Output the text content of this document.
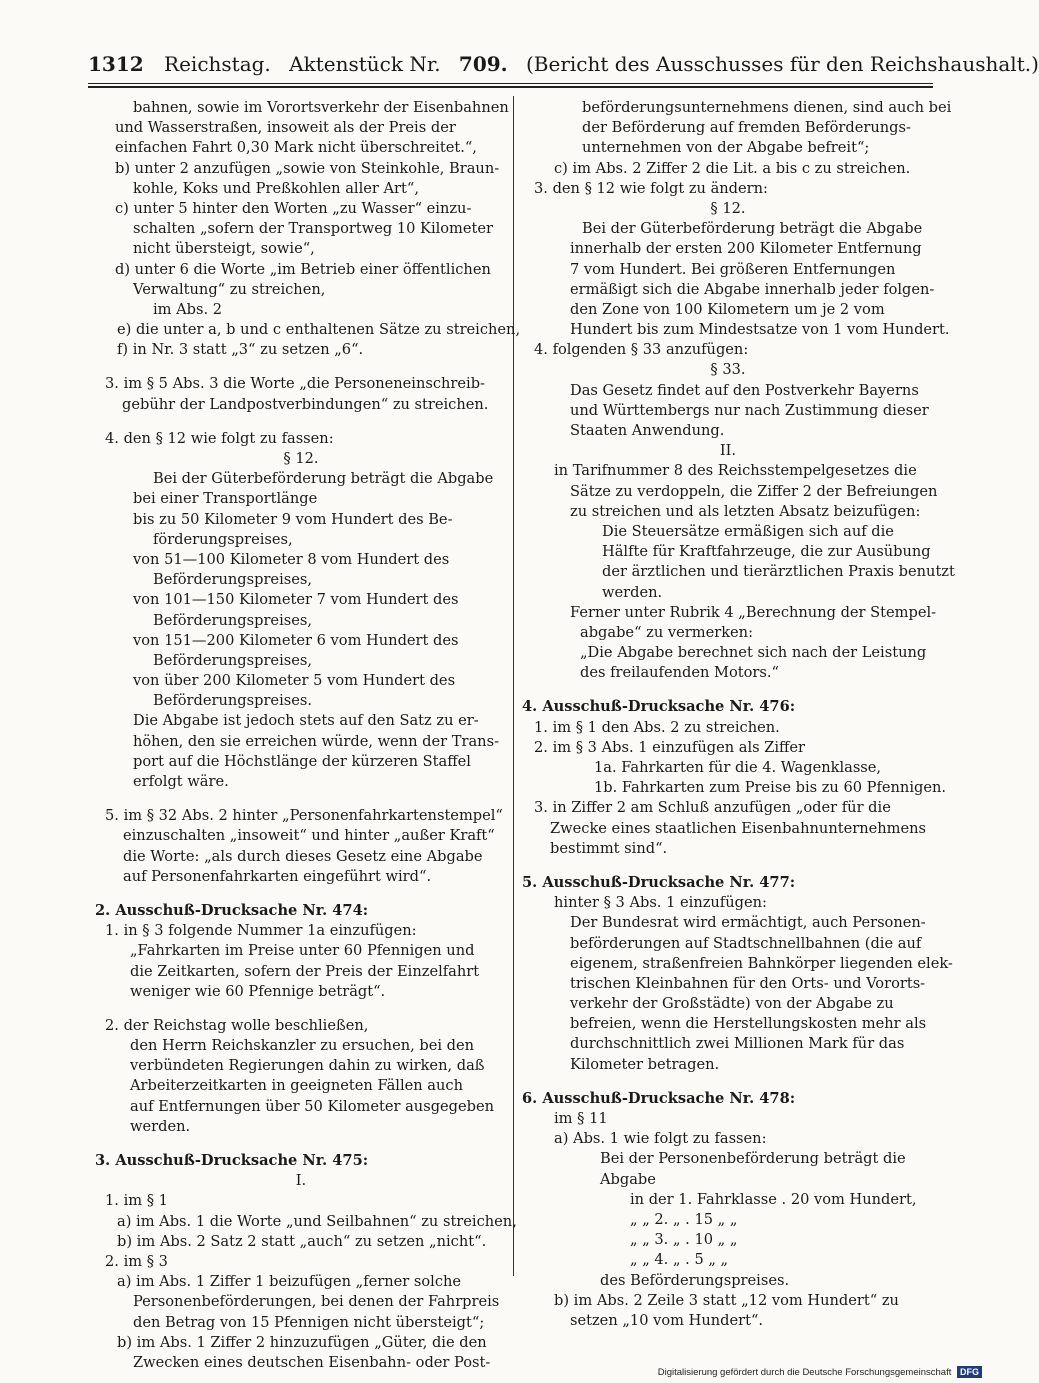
1312 Reichstag. Aktenstück Nr. 709. (Bericht des Ausschusses für den Reichshaushalt.)
bahnen, sowie im Vorortsverkehr der Eisenbahnen
und Wasserstraßen, insoweit als der Preis der
einfachen Fahrt 0,30 Mark nicht überschreitet.“,
b) unter 2 anzufügen „sowie von Steinkohle, Braun-
kohle, Koks und Preßkohlen aller Art“,
c) unter 5 hinter den Worten „zu Wasser“ einzu-
schalten „sofern der Transportweg 10 Kilometer
nicht übersteigt, sowie“,
d) unter 6 die Worte „im Betrieb einer öffentlichen
Verwaltung“ zu streichen,
im Abs. 2
e) die unter a, b und c enthaltenen Sätze zu streichen,
f) in Nr. 3 statt „3“ zu setzen „6“.
3. im § 5 Abs. 3 die Worte „die Personeneinschreib-
gebühr der Landpostverbindungen“ zu streichen.
4. den § 12 wie folgt zu fassen:
§ 12.
Bei der Güterbeförderung beträgt die Abgabe
bei einer Transportlänge
bis zu 50 Kilometer 9 vom Hundert des Be-
förderungspreises,
von 51—100 Kilometer 8 vom Hundert des
Beförderungspreises,
von 101—150 Kilometer 7 vom Hundert des
Beförderungspreises,
von 151—200 Kilometer 6 vom Hundert des
Beförderungspreises,
von über 200 Kilometer 5 vom Hundert des
Beförderungspreises.
Die Abgabe ist jedoch stets auf den Satz zu er-
höhen, den sie erreichen würde, wenn der Trans-
port auf die Höchstlänge der kürzeren Staffel
erfolgt wäre.
5. im § 32 Abs. 2 hinter „Personenfahrkartenstempel“
einzuschalten „insoweit“ und hinter „außer Kraft“
die Worte: „als durch dieses Gesetz eine Abgabe
auf Personenfahrkarten eingeführt wird“.
2. Ausschuß-Drucksache Nr. 474:
1. in § 3 folgende Nummer 1a einzufügen:
„Fahrkarten im Preise unter 60 Pfennigen und
die Zeitkarten, sofern der Preis der Einzelfahrt
weniger wie 60 Pfennige beträgt“.
2. der Reichstag wolle beschließen,
den Herrn Reichskanzler zu ersuchen, bei den
verbündeten Regierungen dahin zu wirken, daß
Arbeiterzeitkarten in geeigneten Fällen auch
auf Entfernungen über 50 Kilometer ausgegeben
werden.
3. Ausschuß-Drucksache Nr. 475:
I.
1. im § 1
a) im Abs. 1 die Worte „und Seilbahnen“ zu streichen,
b) im Abs. 2 Satz 2 statt „auch“ zu setzen „nicht“.
2. im § 3
a) im Abs. 1 Ziffer 1 beizufügen „ferner solche
Personenbeförderungen, bei denen der Fahrpreis
den Betrag von 15 Pfennigen nicht übersteigt“;
b) im Abs. 1 Ziffer 2 hinzuzufügen „Güter, die den
Zwecken eines deutschen Eisenbahn- oder Post-
beförderungsunternehmens dienen, sind auch bei
der Beförderung auf fremden Beförderungs-
unternehmen von der Abgabe befreit“;
c) im Abs. 2 Ziffer 2 die Lit. a bis c zu streichen.
3. den § 12 wie folgt zu ändern:
§ 12.
Bei der Güterbeförderung beträgt die Abgabe
innerhalb der ersten 200 Kilometer Entfernung
7 vom Hundert. Bei größeren Entfernungen
ermäßigt sich die Abgabe innerhalb jeder folgen-
den Zone von 100 Kilometern um je 2 vom
Hundert bis zum Mindestsatze von 1 vom Hundert.
4. folgenden § 33 anzufügen:
§ 33.
Das Gesetz findet auf den Postverkehr Bayerns
und Württembergs nur nach Zustimmung dieser
Staaten Anwendung.
II.
in Tarifnummer 8 des Reichsstempelgesetzes die
Sätze zu verdoppeln, die Ziffer 2 der Befreiungen
zu streichen und als letzten Absatz beizufügen:
Die Steuersätze ermäßigen sich auf die
Hälfte für Kraftfahrzeuge, die zur Ausübung
der ärztlichen und tierärztlichen Praxis benutzt
werden.
Ferner unter Rubrik 4 „Berechnung der Stempel-
abgabe“ zu vermerken:
„Die Abgabe berechnet sich nach der Leistung
des freilaufenden Motors.“
4. Ausschuß-Drucksache Nr. 476:
1. im § 1 den Abs. 2 zu streichen.
2. im § 3 Abs. 1 einzufügen als Ziffer
1a. Fahrkarten für die 4. Wagenklasse,
1b. Fahrkarten zum Preise bis zu 60 Pfennigen.
3. in Ziffer 2 am Schluß anzufügen „oder für die
Zwecke eines staatlichen Eisenbahnunternehmens
bestimmt sind“.
5. Ausschuß-Drucksache Nr. 477:
hinter § 3 Abs. 1 einzufügen:
Der Bundesrat wird ermächtigt, auch Personen-
beförderungen auf Stadtschnellbahnen (die auf
eigenem, straßenfreien Bahnkörper liegenden elek-
trischen Kleinbahnen für den Orts- und Vororts-
verkehr der Großstädte) von der Abgabe zu
befreien, wenn die Herstellungskosten mehr als
durchschnittlich zwei Millionen Mark für das
Kilometer betragen.
6. Ausschuß-Drucksache Nr. 478:
im § 11
a) Abs. 1 wie folgt zu fassen:
Bei der Personenbeförderung beträgt die
Abgabe
in der 1. Fahrklasse . 20 vom Hundert,
„ „ 2. „ . 15 „ „
„ „ 3. „ . 10 „ „
„ „ 4. „ . 5 „ „
des Beförderungspreises.
b) im Abs. 2 Zeile 3 statt „12 vom Hundert“ zu
setzen „10 vom Hundert“.
Digitalisierung gefördert durch die Deutsche Forschungsgemeinschaft DFG
